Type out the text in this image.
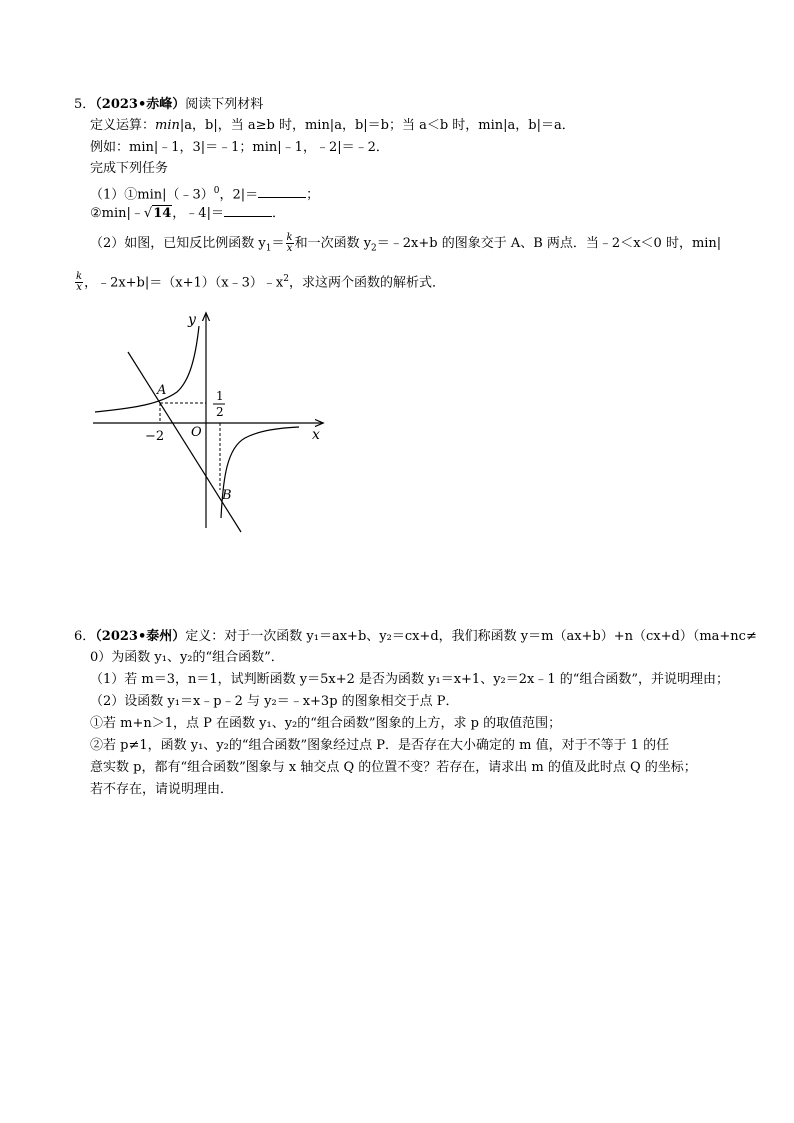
5．（2023•赤峰）阅读下列材料
定义运算：min|a，b|，当 a≥b 时，min|a，b|＝b；当 a＜b 时，min|a，b|＝a．
例如：min|﹣1，3|＝﹣1；min|﹣1，﹣2|＝﹣2．
完成下列任务
（1）①min|（﹣3）$^0$，2|＝	；
②min|﹣√14，﹣4|＝	．
（2）如图，已知反比例函数 $y_1= \frac{k}{x}$ 和一次函数 $y_2=﹣2x+b$ 的图象交于 A、B 两点．当﹣2＜x＜0 时，min|
$\frac{k}{x}$ ，$﹣2x+b|=(x+1)(x﹣3)﹣x^2$，求这两个函数的解析式．
y
x
O
A
B
−2
1
2
6．（2023•泰州）定义：对于一次函数 y₁＝ax+b、y₂＝cx+d，我们称函数 y＝m（ax+b）+n（cx+d）（ma+nc≠
0）为函数 y₁、y₂的“组合函数”．
（1）若 m＝3，n＝1，试判断函数 y＝5x+2 是否为函数 y₁＝x+1、y₂＝2x﹣1 的“组合函数”，并说明理由；
（2）设函数 y₁＝x﹣p﹣2 与 y₂＝﹣x+3p 的图象相交于点 P．
①若 m+n＞1，点 P 在函数 y₁、y₂的“组合函数”图象的上方，求 p 的取值范围；
②若 p≠1，函数 y₁、y₂的“组合函数”图象经过点 P．是否存在大小确定的 m 值，对于不等于 1 的任
意实数 p，都有“组合函数”图象与 x 轴交点 Q 的位置不变？若存在，请求出 m 的值及此时点 Q 的坐标；
若不存在，请说明理由．
